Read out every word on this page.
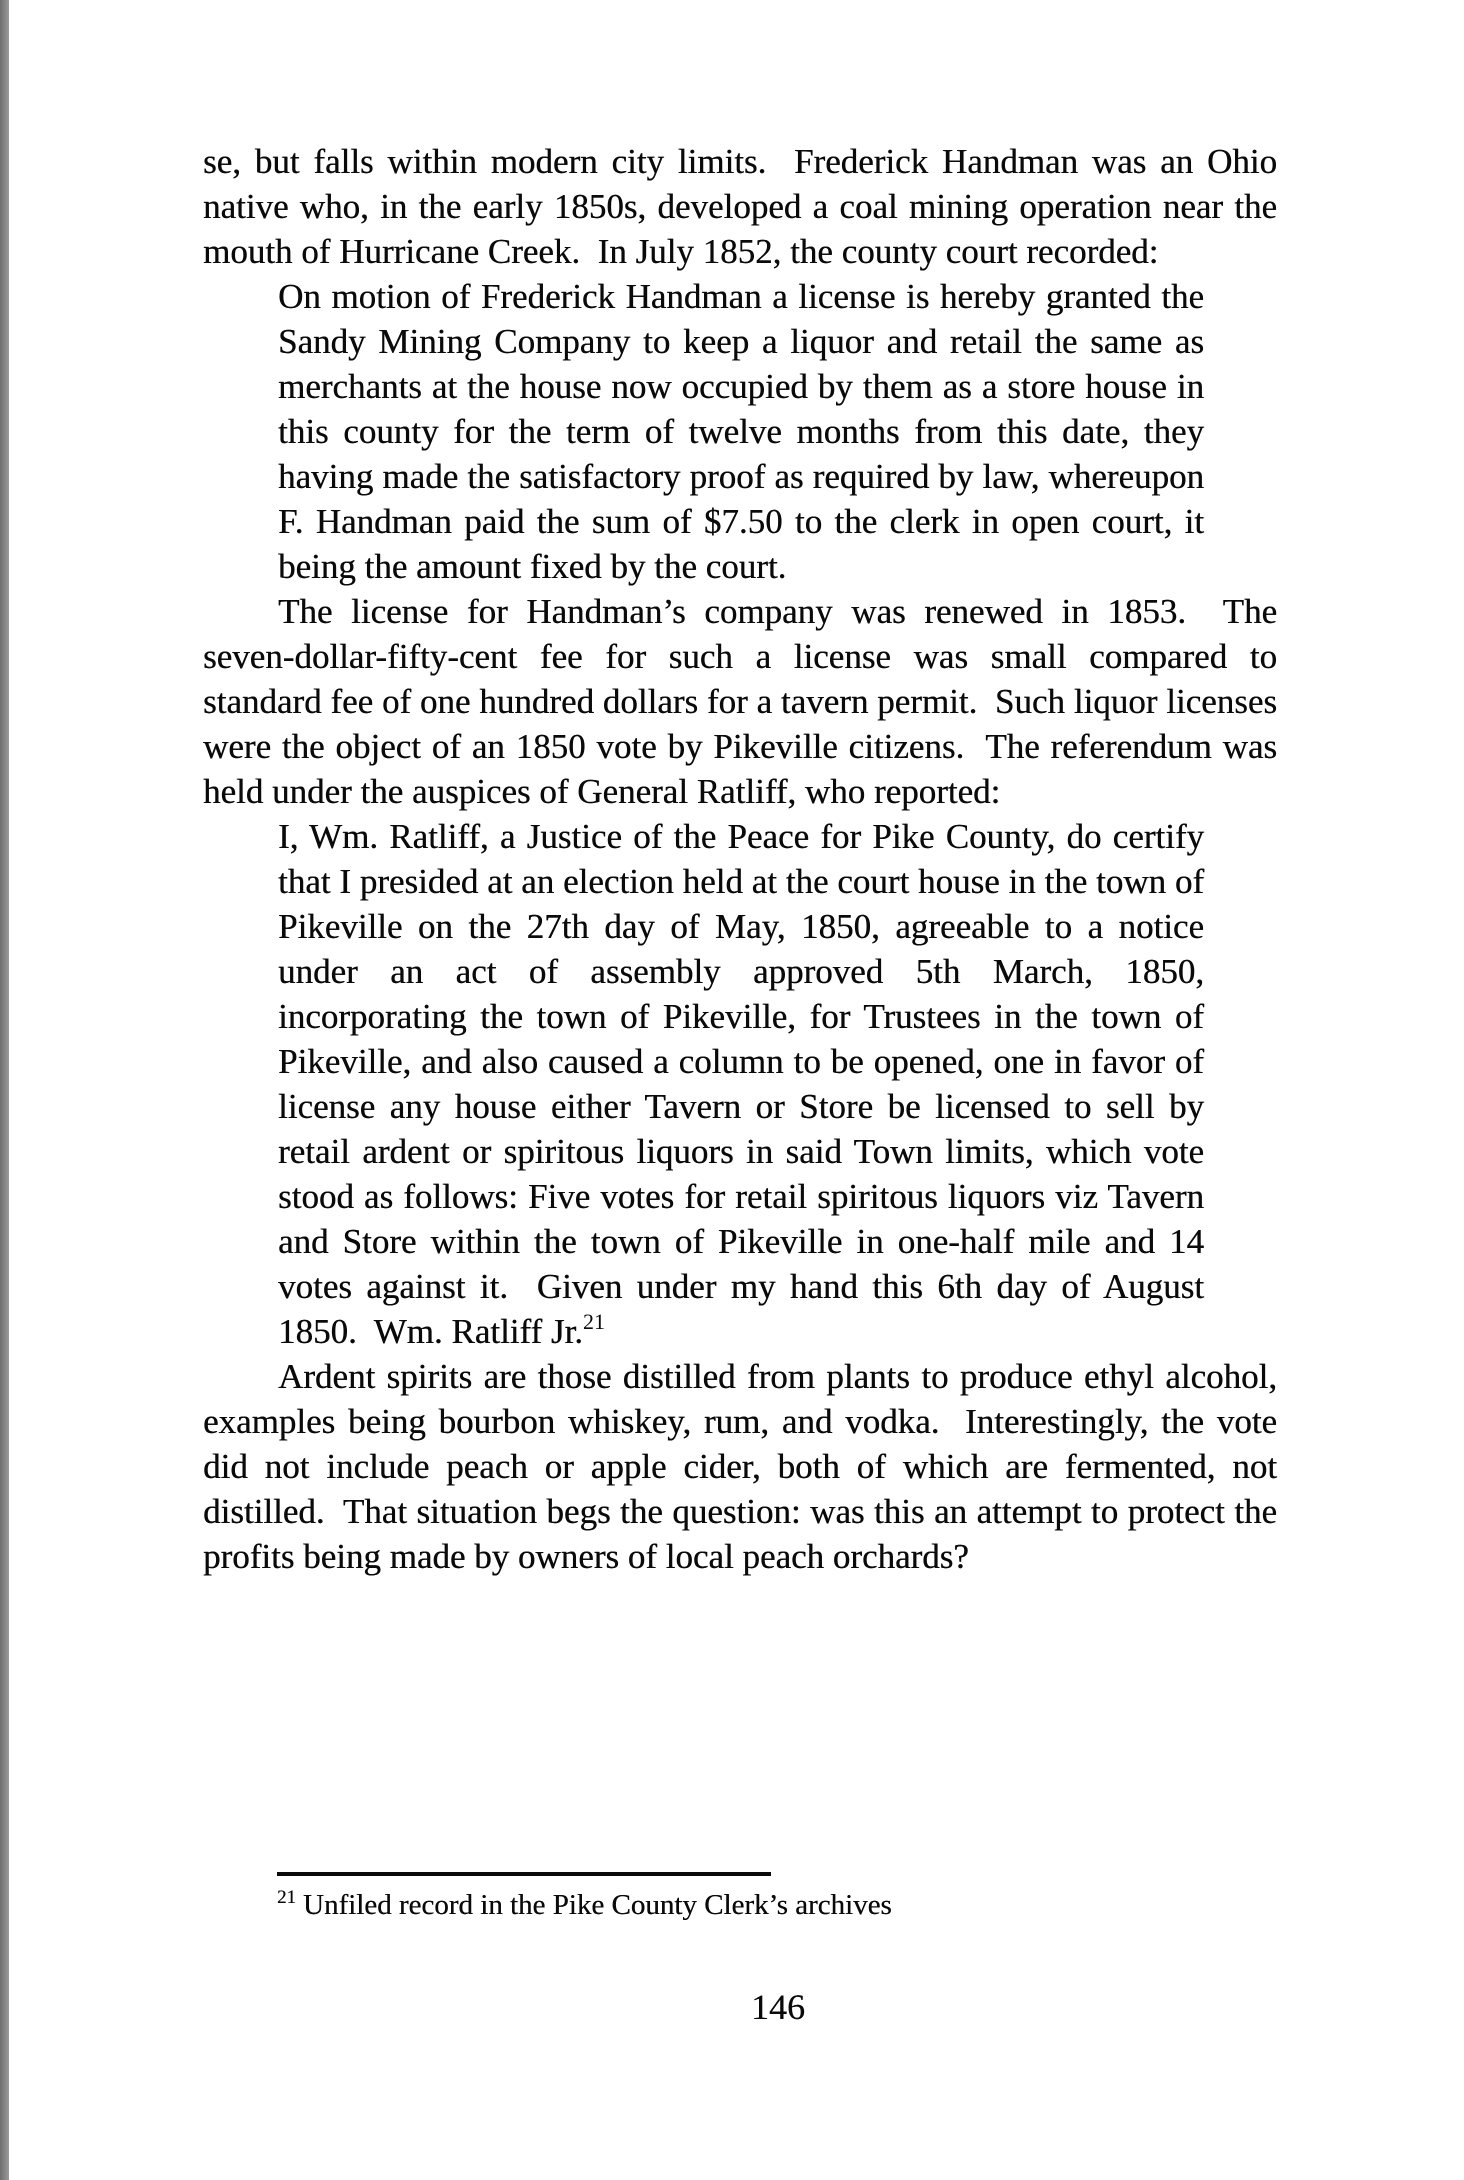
se, but falls within modern city limits.  Frederick Handman was an Ohio native who, in the early 1850s, developed a coal mining operation near the mouth of Hurricane Creek.  In July 1852, the county court recorded:

On motion of Frederick Handman a license is hereby granted the Sandy Mining Company to keep a liquor and retail the same as merchants at the house now occupied by them as a store house in this county for the term of twelve months from this date, they having made the satisfactory proof as required by law, whereupon F. Handman paid the sum of $7.50 to the clerk in open court, it being the amount fixed by the court.

The license for Handman’s company was renewed in 1853.  The seven-dollar-fifty-cent fee for such a license was small compared to standard fee of one hundred dollars for a tavern permit.  Such liquor licenses were the object of an 1850 vote by Pikeville citizens.  The referendum was held under the auspices of General Ratliff, who reported:

I, Wm. Ratliff, a Justice of the Peace for Pike County, do certify that I presided at an election held at the court house in the town of Pikeville on the 27th day of May, 1850, agreeable to a notice under an act of assembly approved 5th March, 1850, incorporating the town of Pikeville, for Trustees in the town of Pikeville, and also caused a column to be opened, one in favor of license any house either Tavern or Store be licensed to sell by retail ardent or spiritous liquors in said Town limits, which vote stood as follows: Five votes for retail spiritous liquors viz Tavern and Store within the town of Pikeville in one-half mile and 14 votes against it.  Given under my hand this 6th day of August 1850.  Wm. Ratliff Jr.$^{21}$

Ardent spirits are those distilled from plants to produce ethyl alcohol, examples being bourbon whiskey, rum, and vodka.  Interestingly, the vote did not include peach or apple cider, both of which are fermented, not distilled.  That situation begs the question: was this an attempt to protect the profits being made by owners of local peach orchards?

$^{21}$ Unfiled record in the Pike County Clerk’s archives
146
